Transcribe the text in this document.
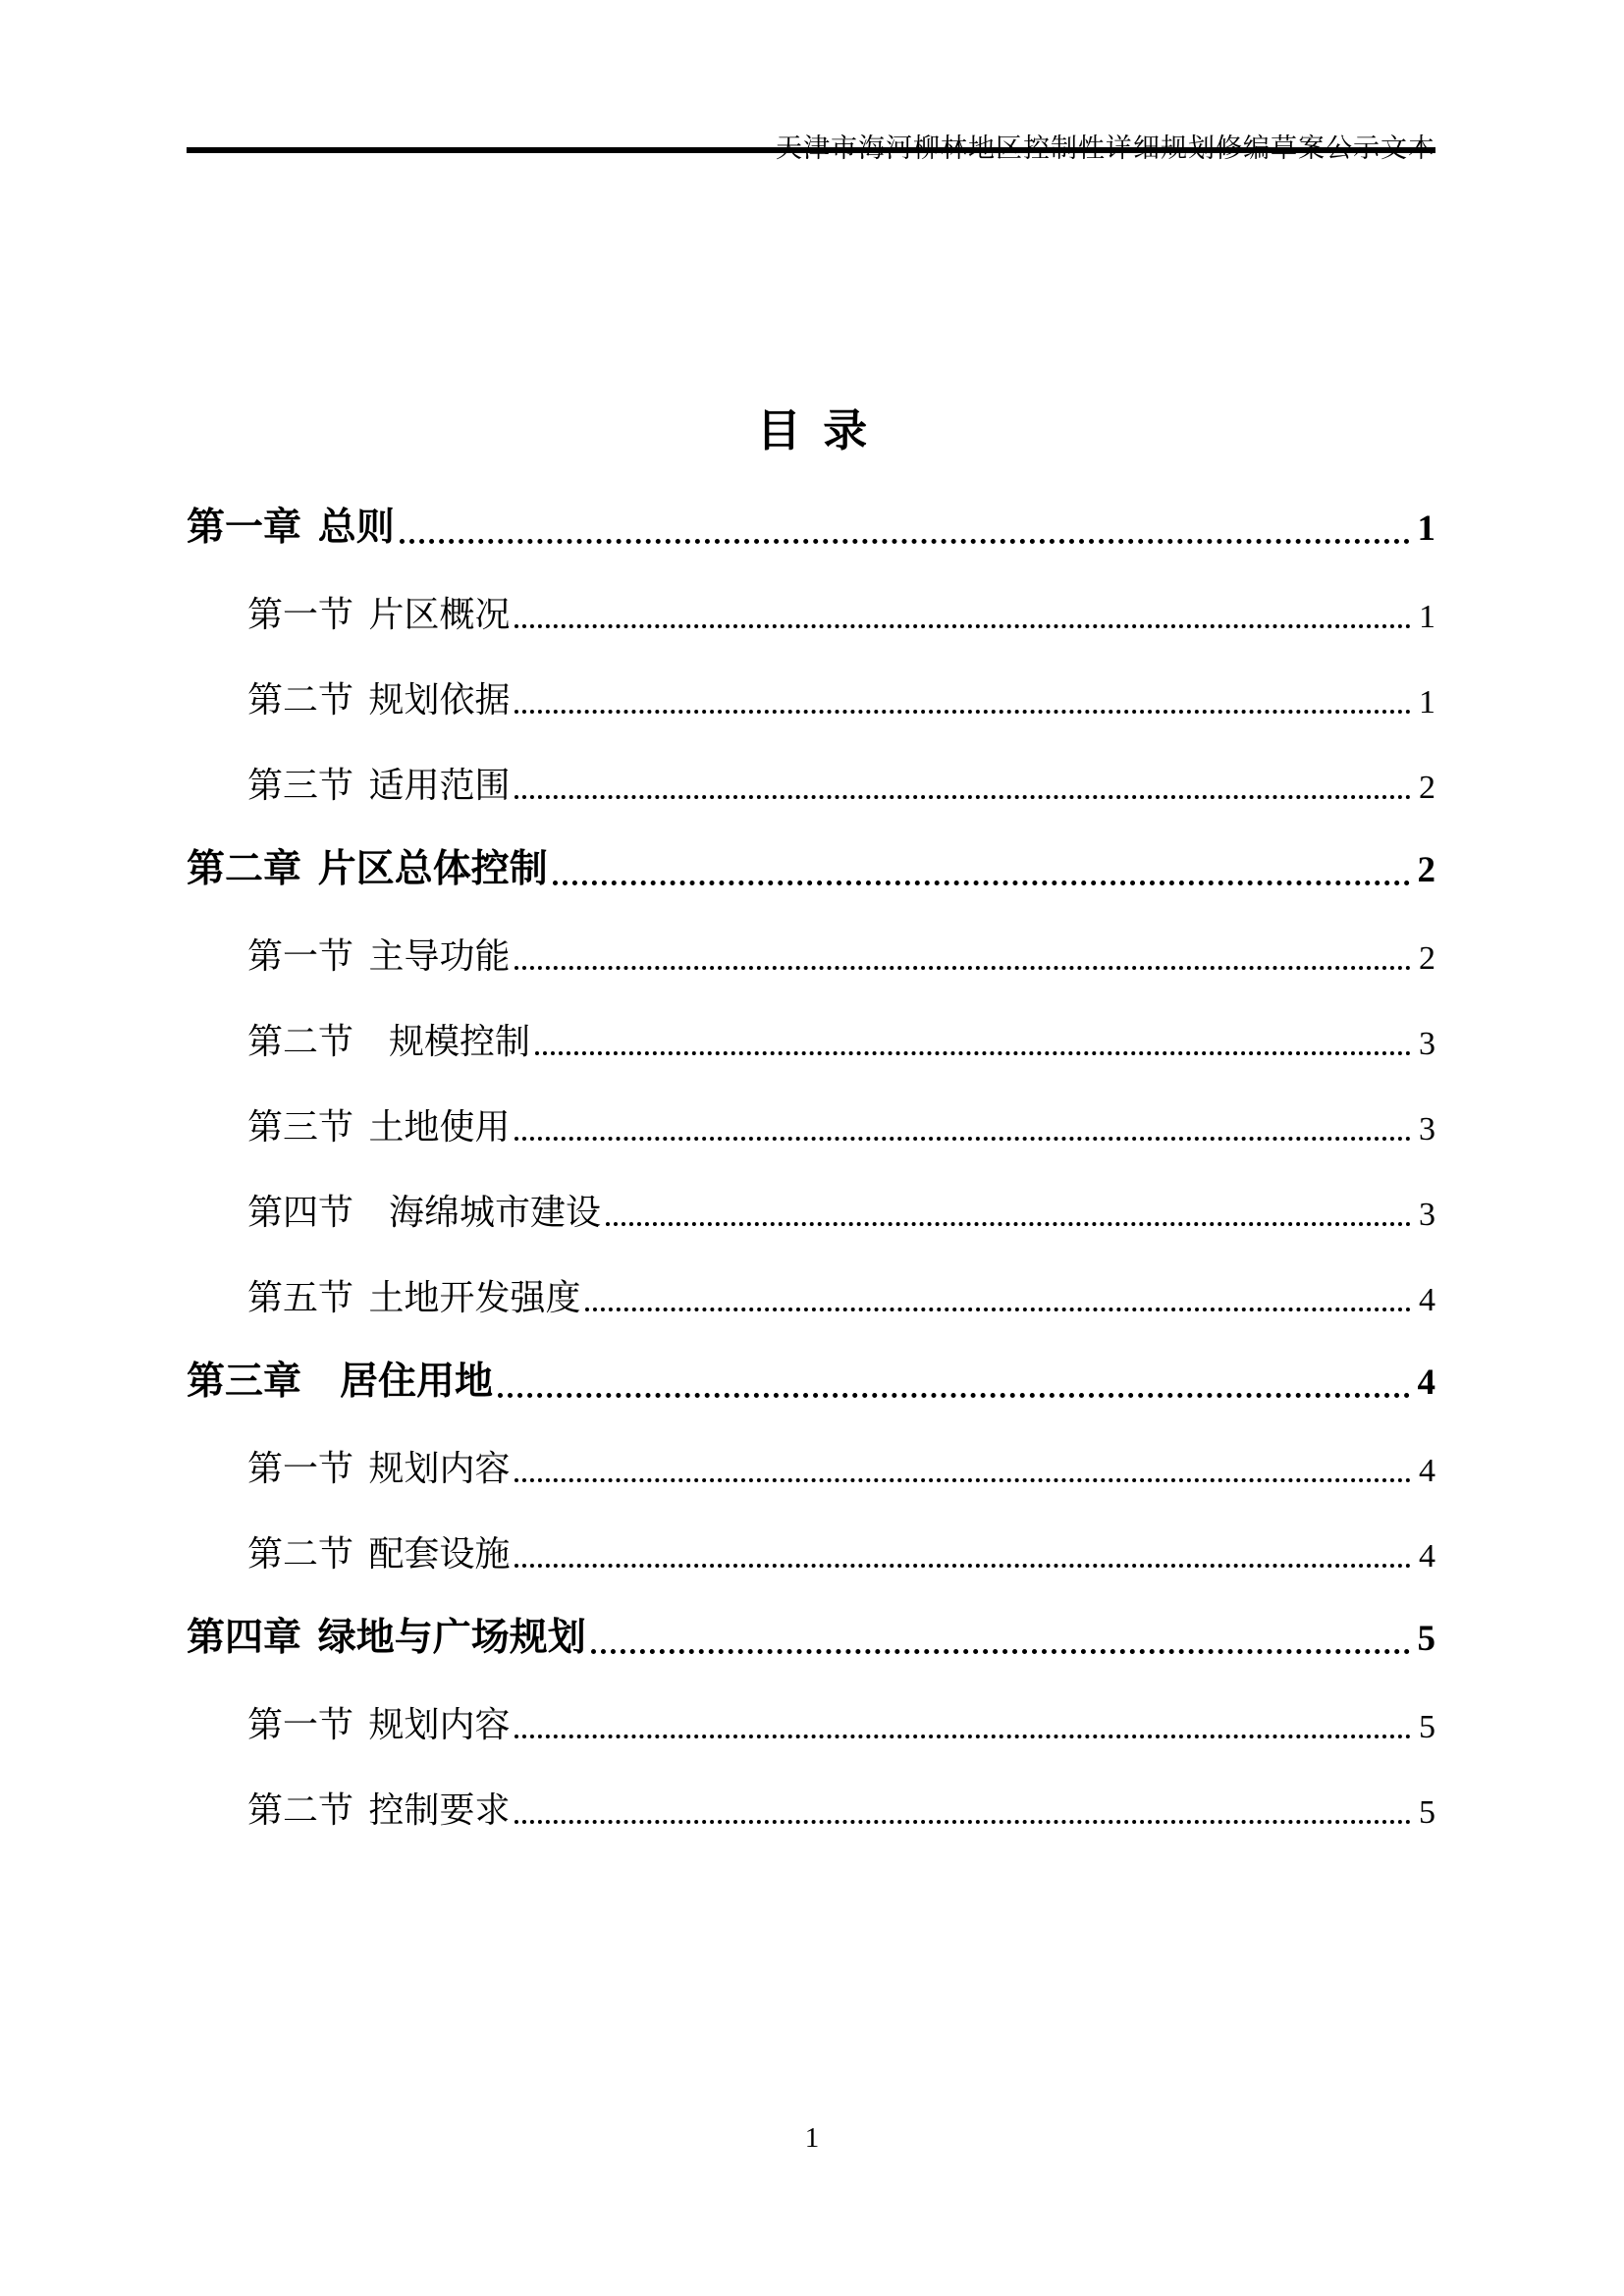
目  录
第一章 总则	1
第一节 片区概况	1
第二节 规划依据	1
第三节 适用范围	2
第二章 片区总体控制	2
第一节 主导功能	2
第二节　规模控制	3
第三节 土地使用	3
第四节　海绵城市建设	3
第五节 土地开发强度	4
第三章　居住用地	4
第一节 规划内容	4
第二节 配套设施	4
第四章 绿地与广场规划	5
第一节 规划内容	5
第二节 控制要求	5
1
